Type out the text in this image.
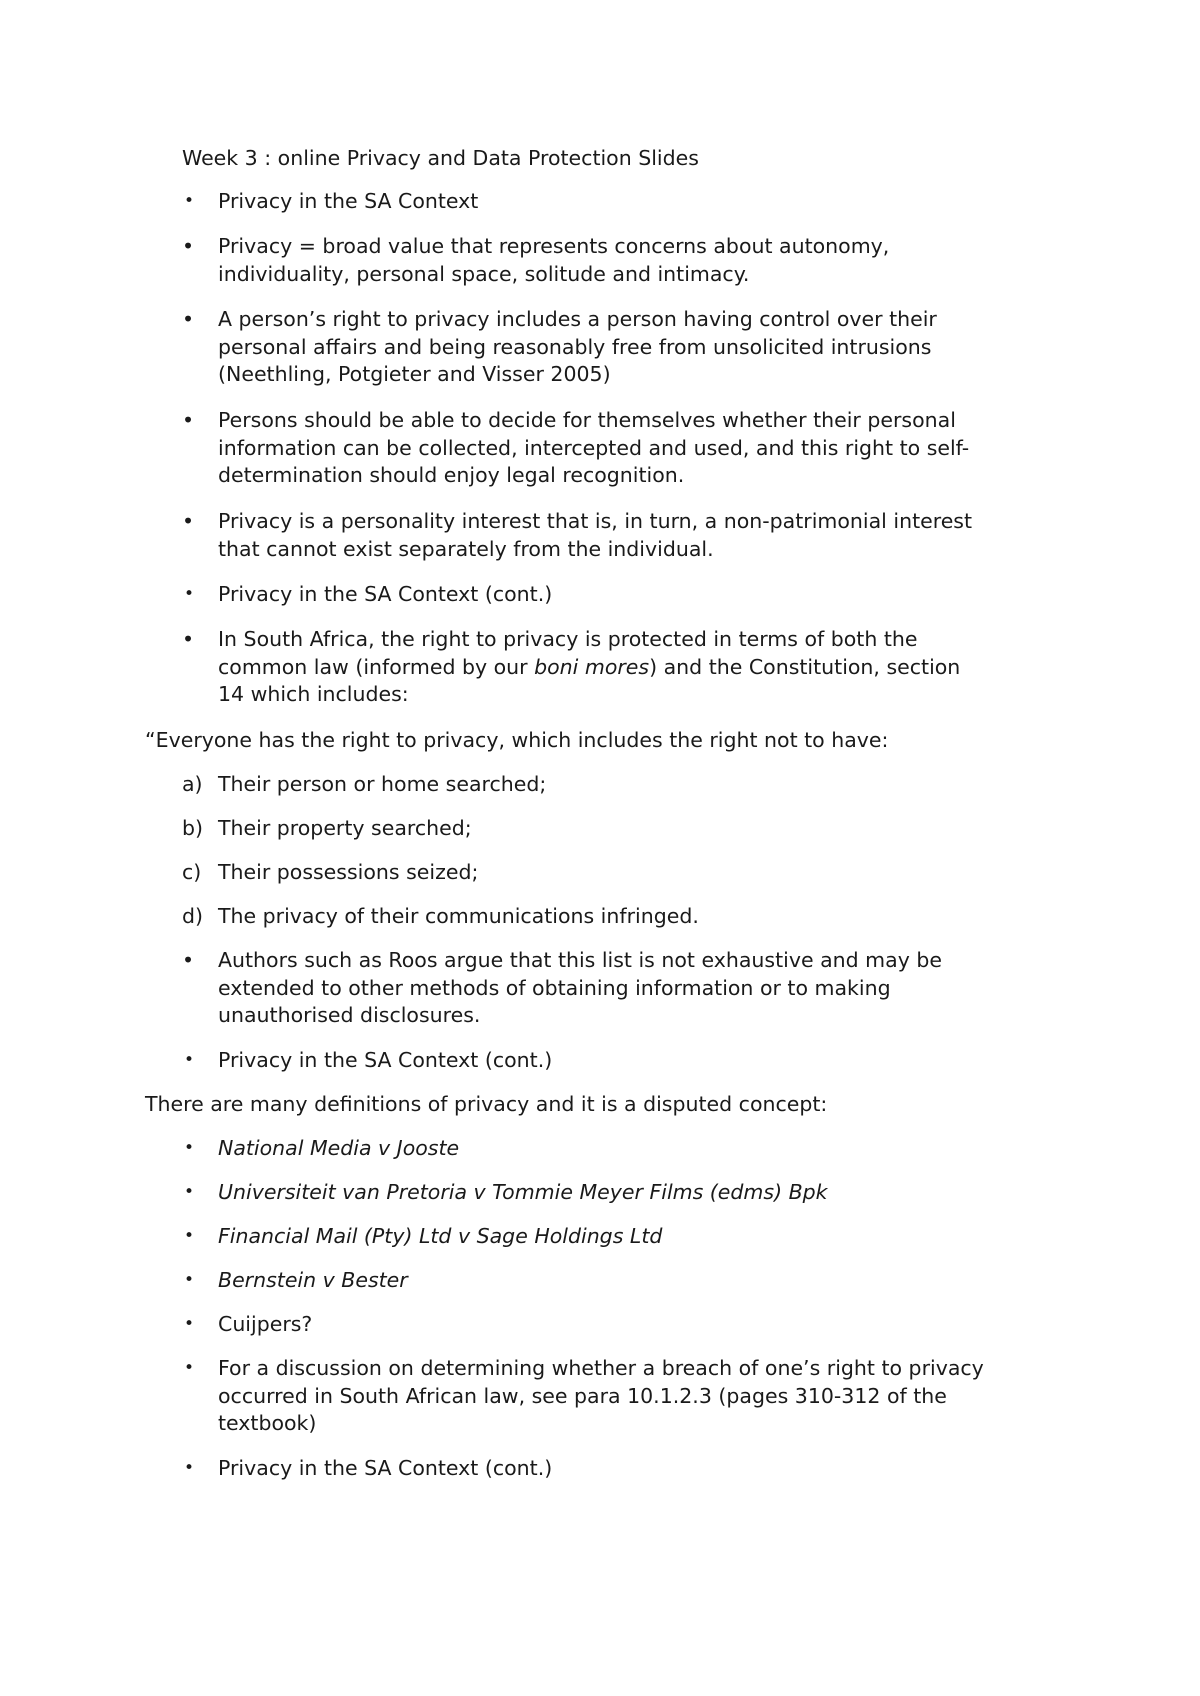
Week 3 : online Privacy and Data Protection Slides
•	Privacy in the SA Context
•	Privacy = broad value that represents concerns about autonomy,
individuality, personal space, solitude and intimacy.
•	A person’s right to privacy includes a person having control over their
personal affairs and being reasonably free from unsolicited intrusions
(Neethling, Potgieter and Visser 2005)
•	Persons should be able to decide for themselves whether their personal
information can be collected, intercepted and used, and this right to self-
determination should enjoy legal recognition.
•	Privacy is a personality interest that is, in turn, a non-patrimonial interest
that cannot exist separately from the individual.
•	Privacy in the SA Context (cont.)
•	In South Africa, the right to privacy is protected in terms of both the
common law (informed by our boni mores) and the Constitution, section
14 which includes:
“Everyone has the right to privacy, which includes the right not to have:
a) Their person or home searched;
b) Their property searched;
c) Their possessions seized;
d) The privacy of their communications infringed.
•	Authors such as Roos argue that this list is not exhaustive and may be
extended to other methods of obtaining information or to making
unauthorised disclosures.
•	Privacy in the SA Context (cont.)
There are many definitions of privacy and it is a disputed concept:
•	National Media v Jooste
•	Universiteit van Pretoria v Tommie Meyer Films (edms) Bpk
•	Financial Mail (Pty) Ltd v Sage Holdings Ltd
•	Bernstein v Bester
•	Cuijpers?
•	For a discussion on determining whether a breach of one’s right to privacy
occurred in South African law, see para 10.1.2.3 (pages 310-312 of the
textbook)
•	Privacy in the SA Context (cont.)
